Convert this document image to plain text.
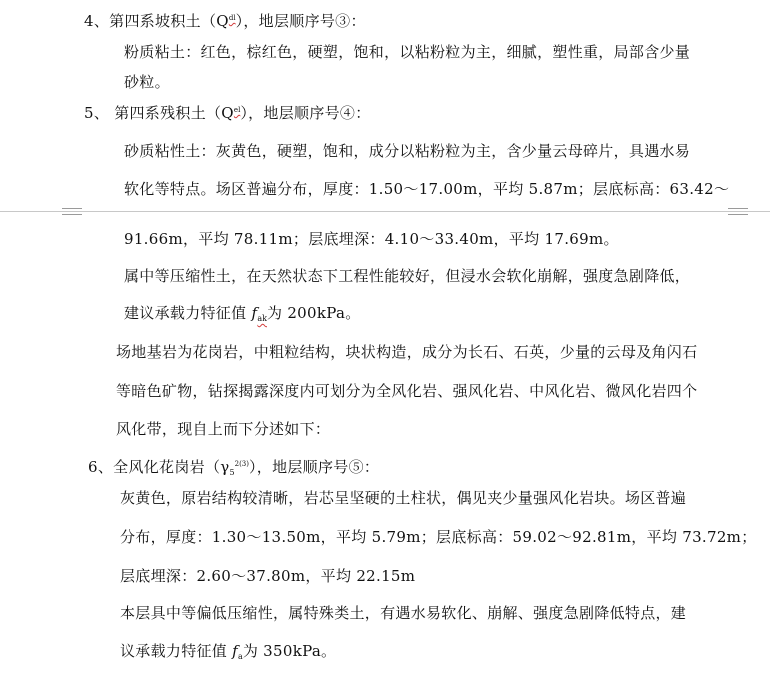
4、第四系坡积土$(Q^{dl})$，地层顺序号③：
粉质粘土：红色，棕红色，硬塑，饱和，以粘粉粒为主，细腻，塑性重，局部含少量
砂粒。
5、 第四系残积土$(Q^{el})$，地层顺序号④：
砂质粘性土：灰黄色，硬塑，饱和，成分以粘粉粒为主，含少量云母碎片，具遇水易
软化等特点。场区普遍分布，厚度：1.50～17.00m，平均 5.87m；层底标高：63.42～
91.66m，平均 78.11m；层底埋深：4.10～33.40m，平均 17.69m。
属中等压缩性土，在天然状态下工程性能较好，但浸水会软化崩解，强度急剧降低，
建议承载力特征值 $f_{ak}$为 200kPa。
场地基岩为花岗岩，中粗粒结构，块状构造，成分为长石、石英，少量的云母及角闪石
等暗色矿物，钻探揭露深度内可划分为全风化岩、强风化岩、中风化岩、微风化岩四个
风化带，现自上而下分述如下：
6、全风化花岗岩$(\gamma_5^{2(3)})$，地层顺序号⑤：
灰黄色，原岩结构较清晰，岩芯呈坚硬的土柱状，偶见夹少量强风化岩块。场区普遍
分布，厚度：1.30～13.50m，平均 5.79m；层底标高：59.02～92.81m，平均 73.72m；
层底埋深：2.60～37.80m，平均 22.15m
本层具中等偏低压缩性，属特殊类土，有遇水易软化、崩解、强度急剧降低特点，建
议承载力特征值 $f_a$为 350kPa。
